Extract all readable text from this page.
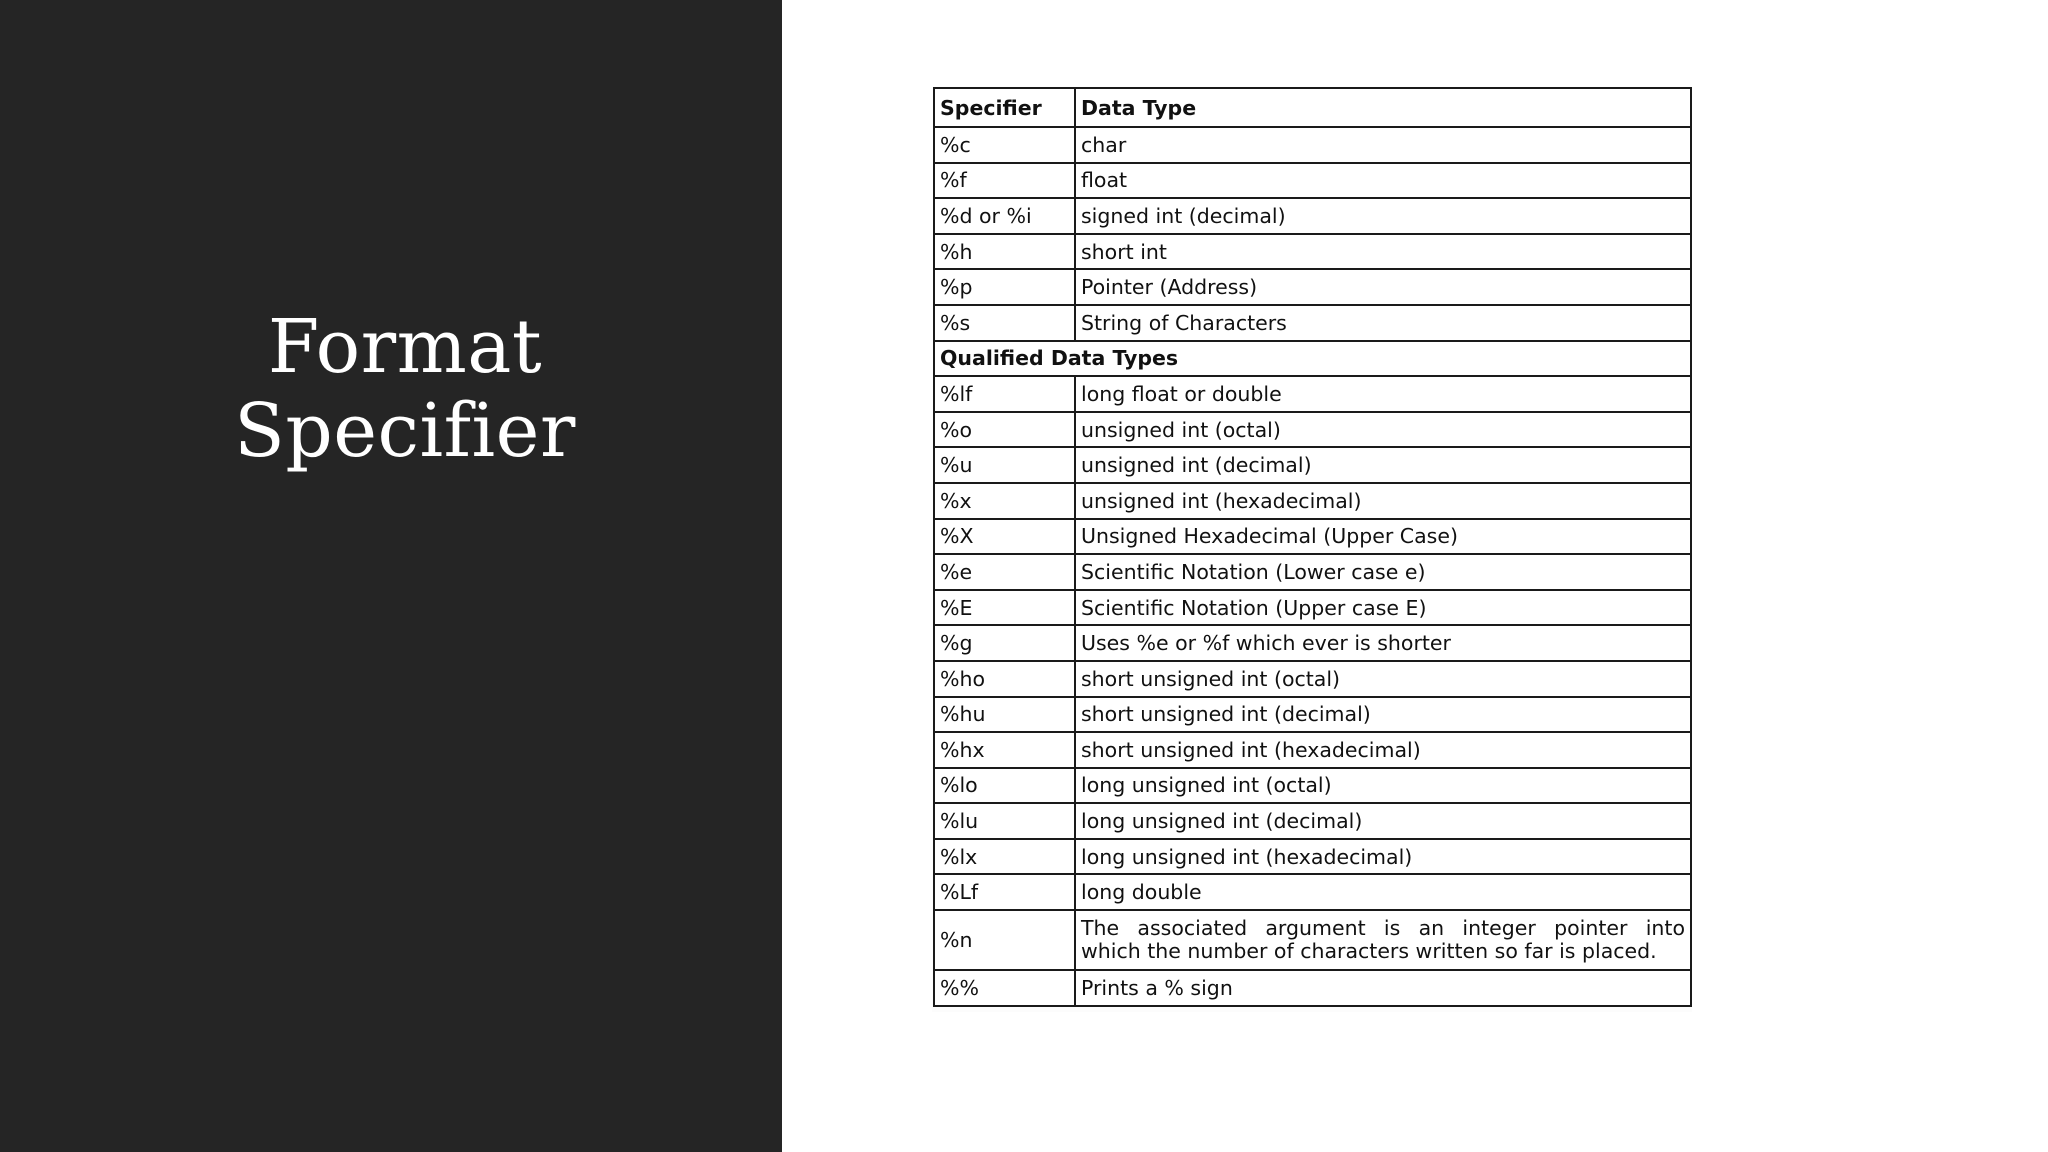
Format
Specifier
Specifier	Data Type
%c	char
%f	float
%d or %i	signed int (decimal)
%h	short int
%p	Pointer (Address)
%s	String of Characters
Qualified Data Types	
%lf	long float or double
%o	unsigned int (octal)
%u	unsigned int (decimal)
%x	unsigned int (hexadecimal)
%X	Unsigned Hexadecimal (Upper Case)
%e	Scientific Notation (Lower case e)
%E	Scientific Notation (Upper case E)
%g	Uses %e or %f which ever is shorter
%ho	short unsigned int (octal)
%hu	short unsigned int (decimal)
%hx	short unsigned int (hexadecimal)
%lo	long unsigned int (octal)
%lu	long unsigned int (decimal)
%lx	long unsigned int (hexadecimal)
%Lf	long double
%n	The associated argument is an integer pointer into
which the number of characters written so far is placed.

%%	Prints a % sign
